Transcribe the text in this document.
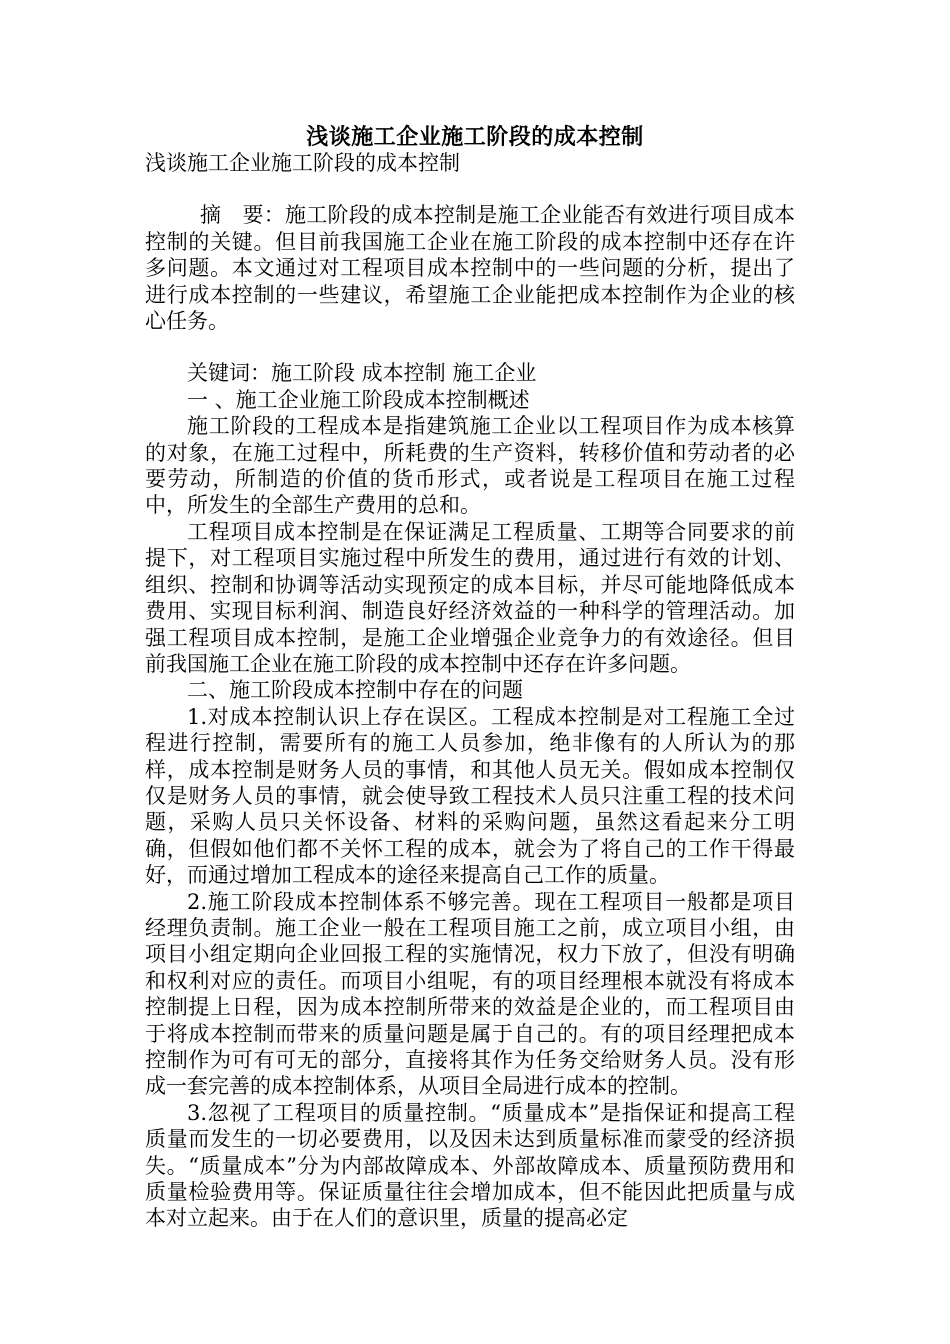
浅谈施工企业施工阶段的成本控制

浅谈施工企业施工阶段的成本控制

摘　要：施工阶段的成本控制是施工企业能否有效进行项目成本控制的关键。但目前我国施工企业在施工阶段的成本控制中还存在许多问题。本文通过对工程项目成本控制中的一些问题的分析，提出了进行成本控制的一些建议，希望施工企业能把成本控制作为企业的核心任务。

关键词：施工阶段 成本控制 施工企业

一 、施工企业施工阶段成本控制概述

施工阶段的工程成本是指建筑施工企业以工程项目作为成本核算的对象，在施工过程中，所耗费的生产资料，转移价值和劳动者的必要劳动，所制造的价值的货币形式，或者说是工程项目在施工过程中，所发生的全部生产费用的总和。

工程项目成本控制是在保证满足工程质量、工期等合同要求的前提下，对工程项目实施过程中所发生的费用，通过进行有效的计划、组织、控制和协调等活动实现预定的成本目标，并尽可能地降低成本费用、实现目标利润、制造良好经济效益的一种科学的管理活动。加强工程项目成本控制，是施工企业增强企业竞争力的有效途径。但目前我国施工企业在施工阶段的成本控制中还存在许多问题。

二、施工阶段成本控制中存在的问题

1.对成本控制认识上存在误区。工程成本控制是对工程施工全过程进行控制，需要所有的施工人员参加，绝非像有的人所认为的那样，成本控制是财务人员的事情，和其他人员无关。假如成本控制仅仅是财务人员的事情，就会使导致工程技术人员只注重工程的技术问题，采购人员只关怀设备、材料的采购问题，虽然这看起来分工明确，但假如他们都不关怀工程的成本，就会为了将自己的工作干得最好，而通过增加工程成本的途径来提高自己工作的质量。

2.施工阶段成本控制体系不够完善。现在工程项目一般都是项目经理负责制。施工企业一般在工程项目施工之前，成立项目小组，由项目小组定期向企业回报工程的实施情况，权力下放了，但没有明确和权利对应的责任。而项目小组呢，有的项目经理根本就没有将成本控制提上日程，因为成本控制所带来的效益是企业的，而工程项目由于将成本控制而带来的质量问题是属于自己的。有的项目经理把成本控制作为可有可无的部分，直接将其作为任务交给财务人员。没有形成一套完善的成本控制体系，从项目全局进行成本的控制。

3.忽视了工程项目的质量控制。“质量成本”是指保证和提高工程质量而发生的一切必要费用，以及因未达到质量标准而蒙受的经济损失。“质量成本”分为内部故障成本、外部故障成本、质量预防费用和质量检验费用等。保证质量往往会增加成本，但不能因此把质量与成本对立起来。由于在人们的意识里，质量的提高必定
